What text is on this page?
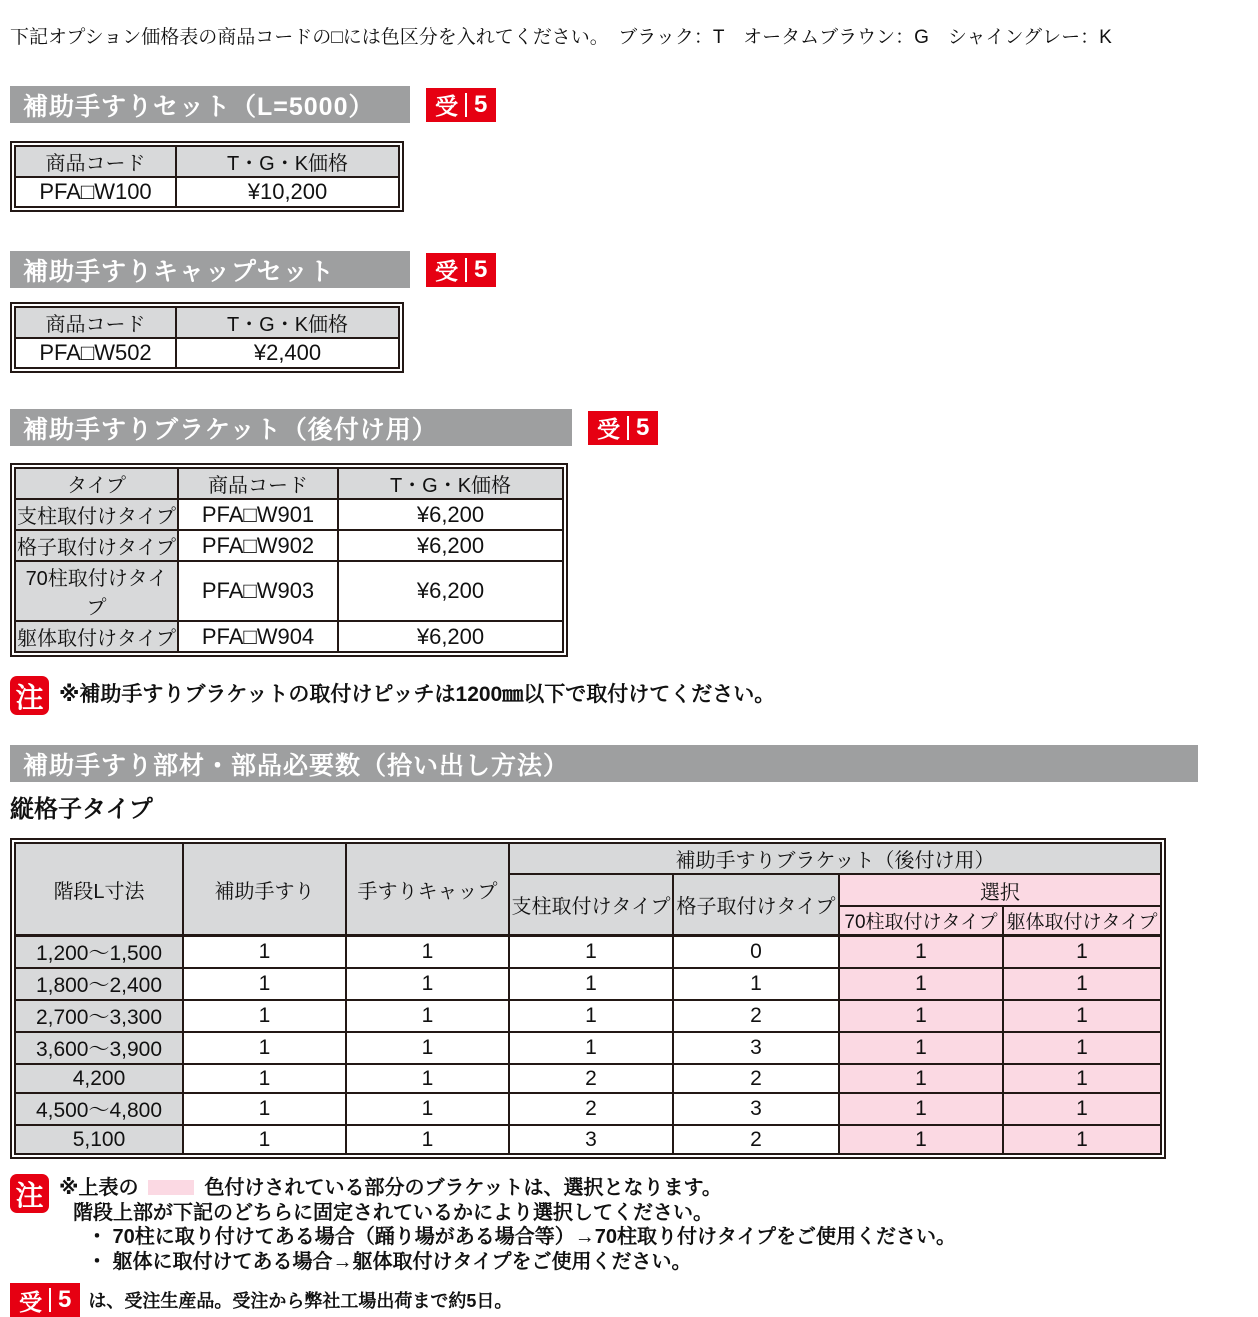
下記オプション価格表の商品コードの□には色区分を入れてください。　ブラック：T　オータムブラウン：G　シャイングレー：K

補助手すりセット（L=5000）	受 5
商品コード	T・G・K価格
PFA□W100	¥10,200
補助手すりキャップセット	受 5
商品コード	T・G・K価格
PFA□W502	¥2,400
補助手すりブラケット（後付け用）	受 5
タイプ	商品コード	T・G・K価格
支柱取付けタイプ	PFA□W901	¥6,200
格子取付けタイプ	PFA□W902	¥6,200
70柱取付けタイプ	PFA□W903	¥6,200
躯体取付けタイプ	PFA□W904	¥6,200
注 ※補助手すりブラケットの取付けピッチは1200㎜以下で取付けてください。
補助手すり部材・部品必要数（拾い出し方法）
縦格子タイプ
階段L寸法	補助手すり	手すりキャップ	補助手すりブラケット（後付け用）			
			支柱取付けタイプ	格子取付けタイプ	選択	
					70柱取付けタイプ	躯体取付けタイプ
1,200～1,500	1	1	1	0	1	1
1,800～2,400	1	1	1	1	1	1
2,700～3,300	1	1	1	2	1	1
3,600～3,900	1	1	1	3	1	1
4,200	1	1	2	2	1	1
4,500～4,800	1	1	2	3	1	1
5,100	1	1	3	2	1	1
注 ※上表の	色付けされている部分のブラケットは、選択となります。
階段上部が下記のどちらに固定されているかにより選択してください。
・ 70柱に取り付けてある場合（踊り場がある場合等）→70柱取り付けタイプをご使用ください。
・ 躯体に取付けてある場合→躯体取付けタイプをご使用ください。
受 5 は、受注生産品。受注から弊社工場出荷まで約5日。
